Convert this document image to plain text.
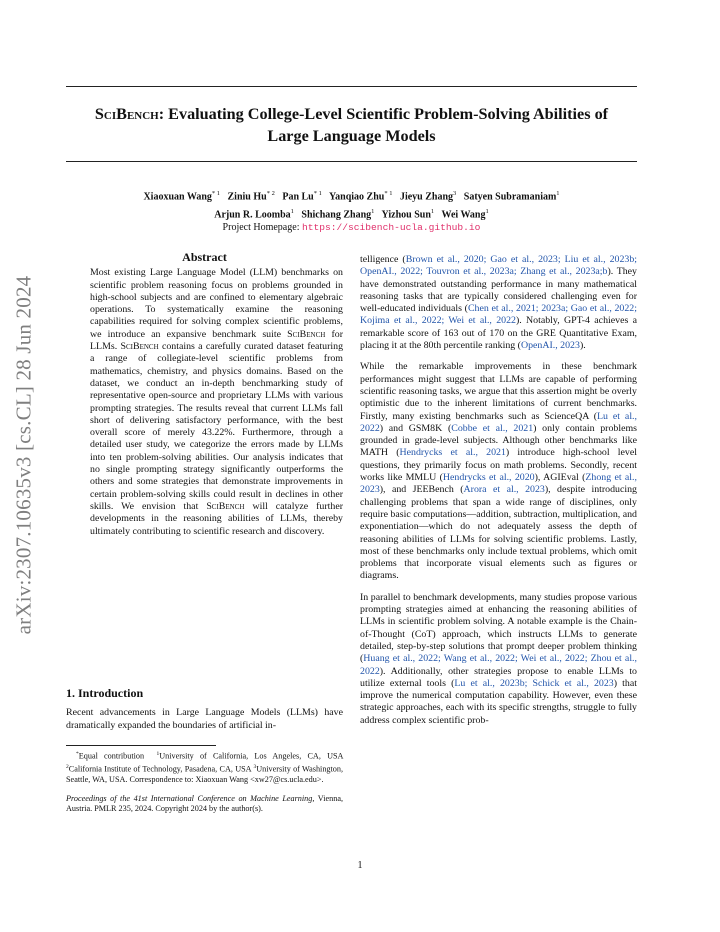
SciBench: Evaluating College-Level Scientific Problem-Solving Abilities of
Large Language Models
Xiaoxuan Wang$^{* 1}$ Ziniu Hu$^{* 2}$ Pan Lu$^{* 1}$ Yanqiao Zhu$^{* 1}$ Jieyu Zhang$^3$ Satyen Subramaniam$^1$
Arjun R. Loomba$^1$ Shichang Zhang$^1$ Yizhou Sun$^1$ Wei Wang$^1$
Project Homepage: https://scibench-ucla.github.io
arXiv:2307.10635v3 [cs.CL] 28 Jun 2024
Abstract

Most existing Large Language Model (LLM) benchmarks on scientific problem reasoning focus on problems grounded in high-school subjects and are confined to elementary algebraic operations. To systematically examine the reasoning capabilities required for solving complex scientific problems, we introduce an expansive benchmark suite SciBench for LLMs. SciBench contains a carefully curated dataset featuring a range of collegiate-level scientific problems from mathematics, chemistry, and physics domains. Based on the dataset, we conduct an in-depth benchmarking study of representative open-source and proprietary LLMs with various prompting strategies. The results reveal that current LLMs fall short of delivering satisfactory performance, with the best overall score of merely 43.22%. Furthermore, through a detailed user study, we categorize the errors made by LLMs into ten problem-solving abilities. Our analysis indicates that no single prompting strategy significantly outperforms the others and some strategies that demonstrate improvements in certain problem-solving skills could result in declines in other skills. We envision that SciBench will catalyze further developments in the reasoning abilities of LLMs, thereby ultimately contributing to scientific research and discovery.

1. Introduction

Recent advancements in Large Language Models (LLMs) have dramatically expanded the boundaries of artificial in-

*Equal contribution $^1$University of California, Los Angeles, CA, USA $^2$California Institute of Technology, Pasadena, CA, USA $^3$University of Washington, Seattle, WA, USA. Correspondence to: Xiaoxuan Wang <xw27@cs.ucla.edu>.
Proceedings of the 41st International Conference on Machine Learning, Vienna, Austria. PMLR 235, 2024. Copyright 2024 by the author(s).

telligence (Brown et al., 2020; Gao et al., 2023; Liu et al., 2023b; OpenAI., 2022; Touvron et al., 2023a; Zhang et al., 2023a;b). They have demonstrated outstanding performance in many mathematical reasoning tasks that are typically considered challenging even for well-educated individuals (Chen et al., 2021; 2023a; Gao et al., 2022; Kojima et al., 2022; Wei et al., 2022). Notably, GPT-4 achieves a remarkable score of 163 out of 170 on the GRE Quantitative Exam, placing it at the 80th percentile ranking (OpenAI., 2023).

While the remarkable improvements in these benchmark performances might suggest that LLMs are capable of performing scientific reasoning tasks, we argue that this assertion might be overly optimistic due to the inherent limitations of current benchmarks. Firstly, many existing benchmarks such as ScienceQA (Lu et al., 2022) and GSM8K (Cobbe et al., 2021) only contain problems grounded in grade-level subjects. Although other benchmarks like MATH (Hendrycks et al., 2021) introduce high-school level questions, they primarily focus on math problems. Secondly, recent works like MMLU (Hendrycks et al., 2020), AGIEval (Zhong et al., 2023), and JEEBench (Arora et al., 2023), despite introducing challenging problems that span a wide range of disciplines, only require basic computations—addition, subtraction, multiplication, and exponentiation—which do not adequately assess the depth of reasoning abilities of LLMs for solving scientific problems. Lastly, most of these benchmarks only include textual problems, which omit problems that incorporate visual elements such as figures or diagrams.

In parallel to benchmark developments, many studies propose various prompting strategies aimed at enhancing the reasoning abilities of LLMs in scientific problem solving. A notable example is the Chain-of-Thought (CoT) approach, which instructs LLMs to generate detailed, step-by-step solutions that prompt deeper problem thinking (Huang et al., 2022; Wang et al., 2022; Wei et al., 2022; Zhou et al., 2022). Additionally, other strategies propose to enable LLMs to utilize external tools (Lu et al., 2023b; Schick et al., 2023) that improve the numerical computation capability. However, even these strategic approaches, each with its specific strengths, struggle to fully address complex scientific prob-

1
